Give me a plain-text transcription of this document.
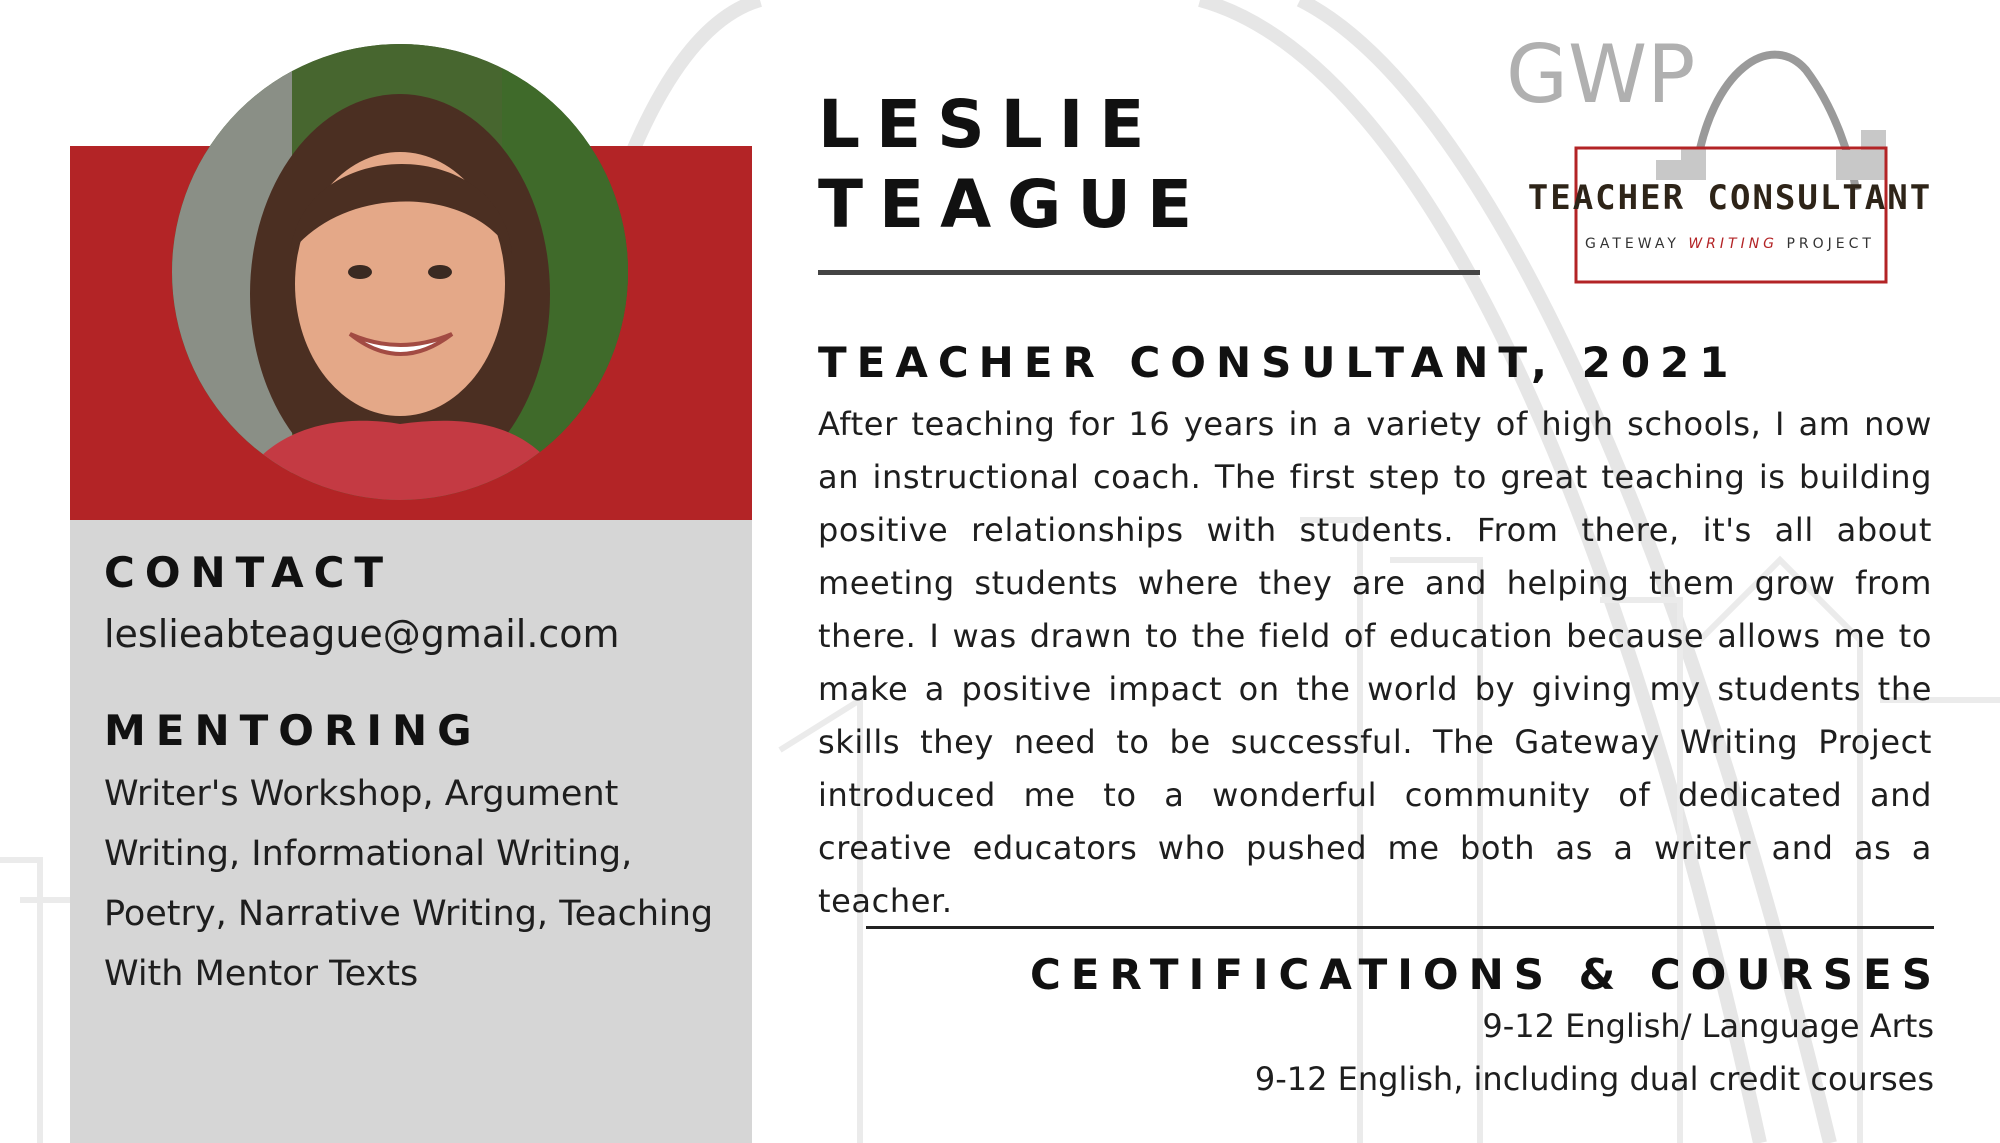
CONTACT
leslieabteague@gmail.com
MENTORING
Writer's Workshop, Argument Writing, Informational Writing, Poetry, Narrative Writing, Teaching With Mentor Texts
LESLIE
TEAGUE
TEACHER CONSULTANT, 2021
After teaching for 16 years in a variety of high schools, I am now an instructional coach. The first step to great teaching is building positive relationships with students. From there, it's all about meeting students where they are and helping them grow from there. I was drawn to the field of education because allows me to make a positive impact on the world by giving my students the skills they need to be successful. The Gateway Writing Project introduced me to a wonderful community of dedicated and creative educators who pushed me both as a writer and as a teacher.
CERTIFICATIONS & COURSES
9-12 English/ Language Arts
9-12 English, including dual credit courses
GWP
TEACHER CONSULTANT
GATEWAY WRITING PROJECT
